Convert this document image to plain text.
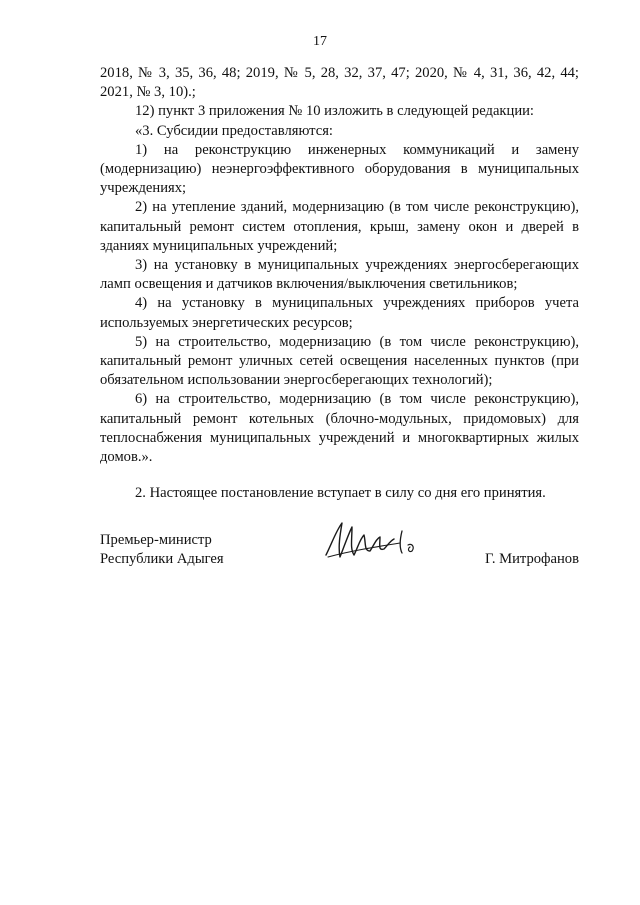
17

2018, № 3, 35, 36, 48; 2019, № 5, 28, 32, 37, 47; 2020, № 4, 31, 36, 42, 44; 2021, № 3, 10).;

12) пункт 3 приложения № 10 изложить в следующей редакции:

«3. Субсидии предоставляются:

1) на реконструкцию инженерных коммуникаций и замену (модернизацию) неэнергоэффективного оборудования в муниципальных учреждениях;

2) на утепление зданий, модернизацию (в том числе реконструкцию), капитальный ремонт систем отопления, крыш, замену окон и дверей в зданиях муниципальных учреждений;

3) на установку в муниципальных учреждениях энергосберегающих ламп освещения и датчиков включения/выключения светильников;

4) на установку в муниципальных учреждениях приборов учета используемых энергетических ресурсов;

5) на строительство, модернизацию (в том числе реконструкцию), капитальный ремонт уличных сетей освещения населенных пунктов (при обязательном использовании энергосберегающих технологий);

6) на строительство, модернизацию (в том числе реконструкцию), капитальный ремонт котельных (блочно-модульных, придомовых) для теплоснабжения муниципальных учреждений и многоквартирных жилых домов.».

2. Настоящее постановление вступает в силу со дня его принятия.

Премьер-министр
Республики Адыгея	Г. Митрофанов
